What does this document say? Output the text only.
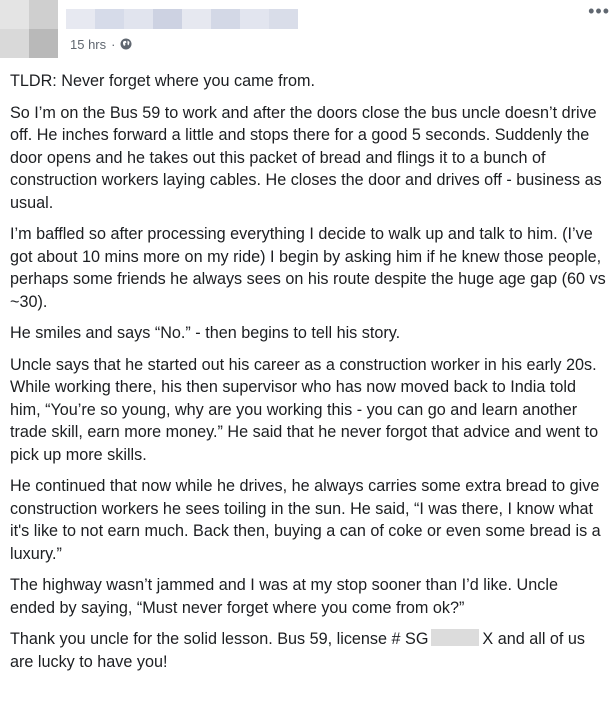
15 hrs ·
•••

TLDR: Never forget where you came from.

So I’m on the Bus 59 to work and after the doors close the bus uncle doesn’t drive off. He inches forward a little and stops there for a good 5 seconds. Suddenly the door opens and he takes out this packet of bread and flings it to a bunch of construction workers laying cables. He closes the door and drives off - business as usual.

I’m baffled so after processing everything I decide to walk up and talk to him. (I’ve got about 10 mins more on my ride) I begin by asking him if he knew those people, perhaps some friends he always sees on his route despite the huge age gap (60 vs ~30).

He smiles and says “No.” - then begins to tell his story.

Uncle says that he started out his career as a construction worker in his early 20s. While working there, his then supervisor who has now moved back to India told him, “You’re so young, why are you working this - you can go and learn another trade skill, earn more money.” He said that he never forgot that advice and went to pick up more skills.

He continued that now while he drives, he always carries some extra bread to give construction workers he sees toiling in the sun. He said, “I was there, I know what it's like to not earn much. Back then, buying a can of coke or even some bread is a luxury.”

The highway wasn’t jammed and I was at my stop sooner than I’d like. Uncle ended by saying, “Must never forget where you come from ok?”

Thank you uncle for the solid lesson. Bus 59, license # SG	X and all of us are lucky to have you!
